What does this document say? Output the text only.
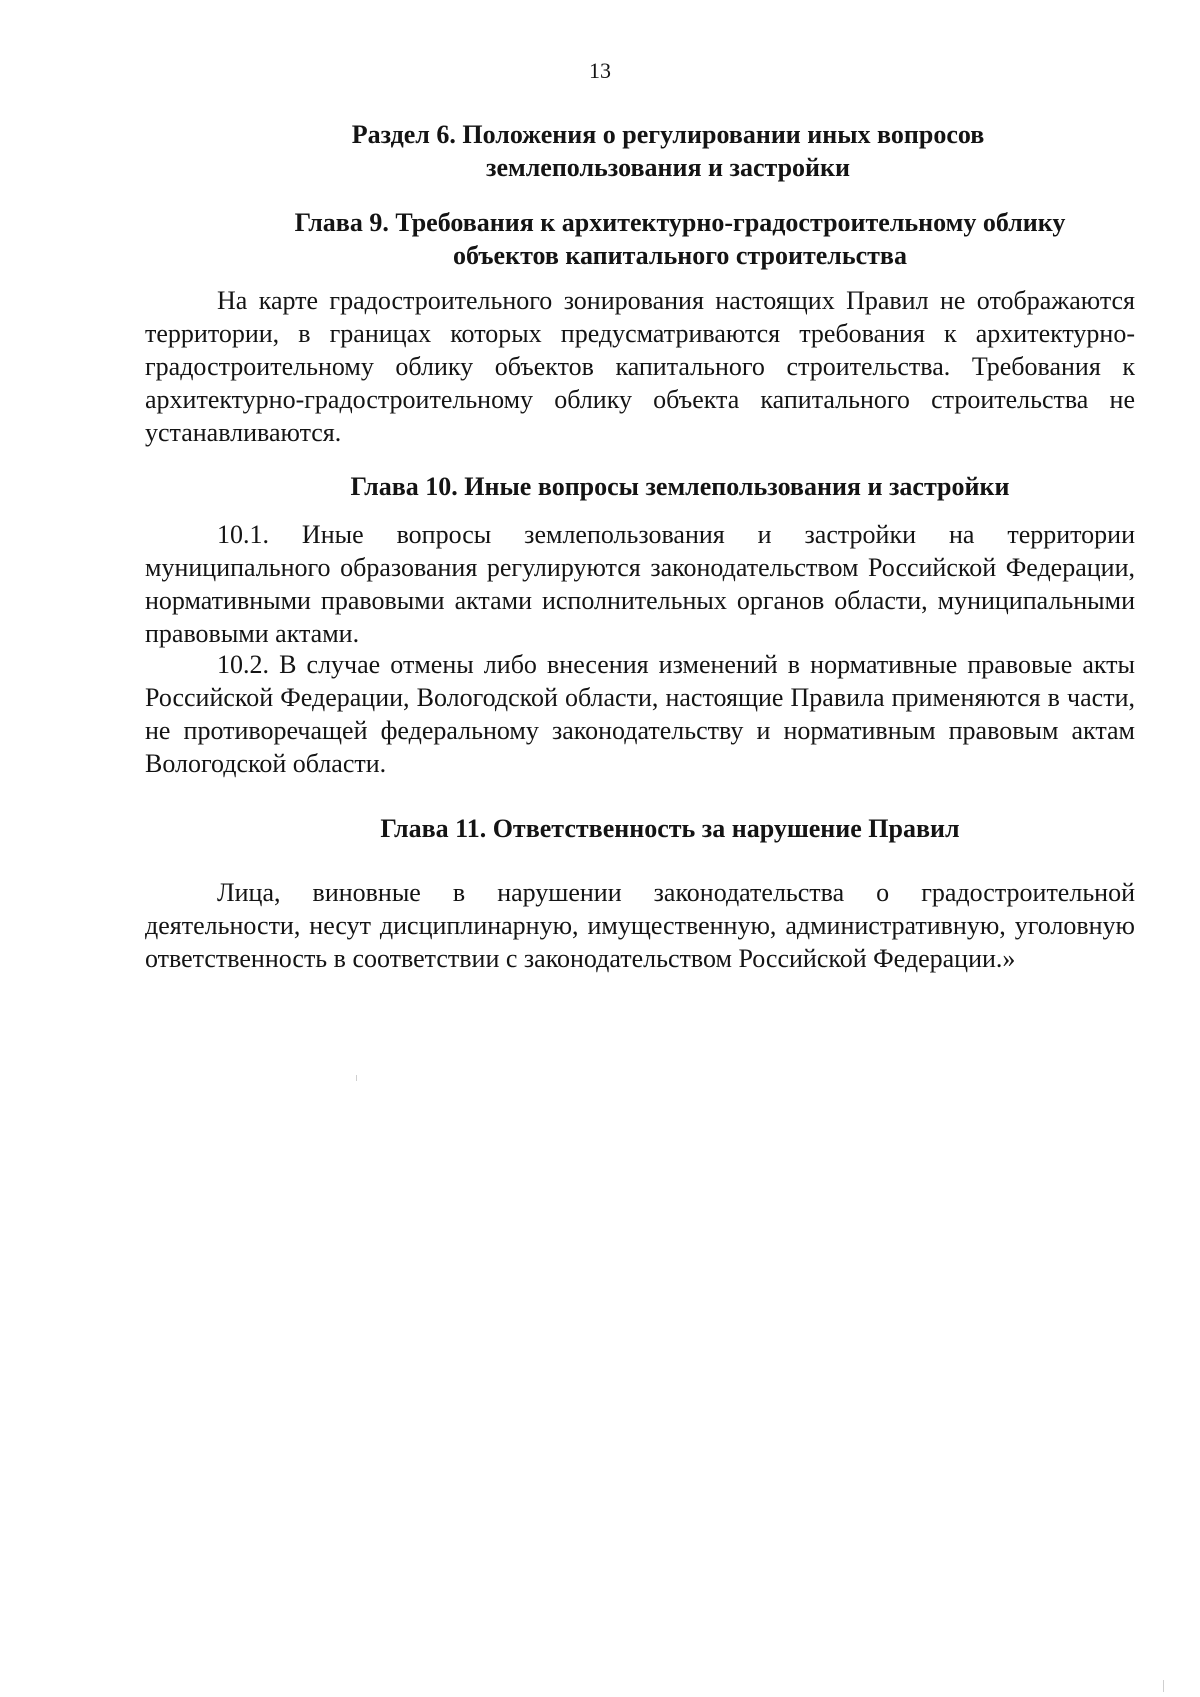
13
Раздел 6. Положения о регулировании иных вопросов
землепользования и застройки
Глава 9. Требования к архитектурно-градостроительному облику
объектов капитального строительства

На карте градостроительного зонирования настоящих Правил не отображаются территории, в границах которых предусматриваются требования к архитектурно-градостроительному облику объектов капитального строительства. Требования к архитектурно-градостроительному облику объекта капитального строительства не устанавливаются.

Глава 10. Иные вопросы землепользования и застройки

10.1. Иные вопросы землепользования и застройки на территории муниципального образования регулируются законодательством Российской Федерации, нормативными правовыми актами исполнительных органов области, муниципальными правовыми актами.

10.2. В случае отмены либо внесения изменений в нормативные правовые акты Российской Федерации, Вологодской области, настоящие Правила применяются в части, не противоречащей федеральному законодательству и нормативным правовым актам Вологодской области.

Глава 11. Ответственность за нарушение Правил

Лица, виновные в нарушении законодательства о градостроительной деятельности, несут дисциплинарную, имущественную, административную, уголовную ответственность в соответствии с законодательством Российской Федерации.»
